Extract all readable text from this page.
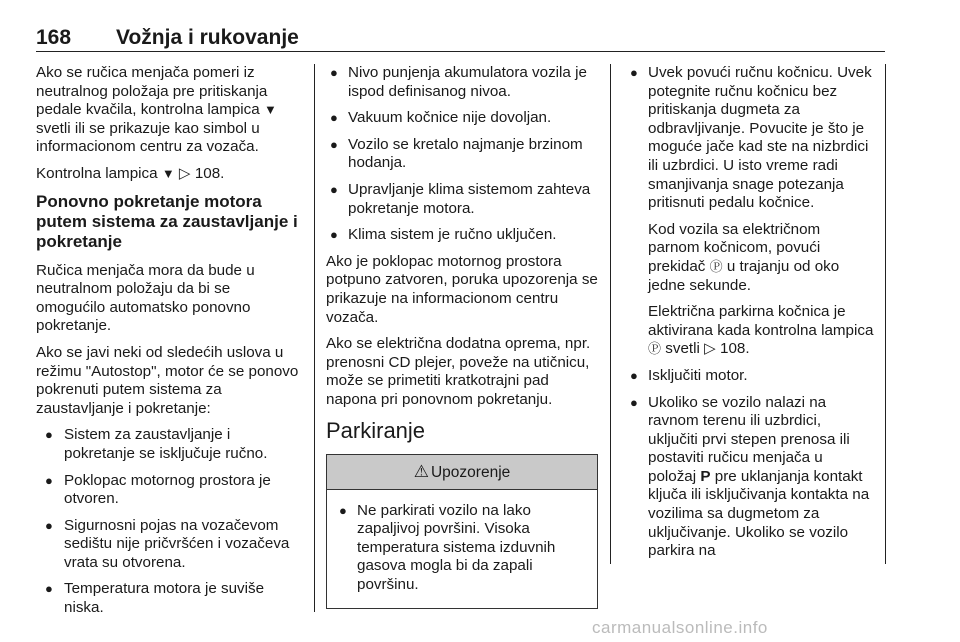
168 Vožnja i rukovanje

Ako se ručica menjača pomeri iz neutralnog položaja pre pritiskanja pedale kvačila, kontrolna lampica ▼︎ svetli ili se prikazuje kao simbol u informacionom centru za vozača.

Kontrolna lampica ▼︎ ▷ 108.

Ponovno pokretanje motora putem sistema za zaustavljanje i pokretanje

Ručica menjača mora da bude u neutralnom položaju da bi se omogućilo automatsko ponovno pokretanje.

Ako se javi neki od sledećih uslova u režimu "Autostop", motor će se ponovo pokrenuti putem sistema za zaustavljanje i pokretanje:

● Sistem za zaustavljanje i pokretanje se isključuje ručno.
● Poklopac motornog prostora je otvoren.
● Sigurnosni pojas na vozačevom sedištu nije pričvršćen i vozačeva vrata su otvorena.
● Temperatura motora je suviše niska.
● Nivo punjenja akumulatora vozila je ispod definisanog nivoa.
● Vakuum kočnice nije dovoljan.
● Vozilo se kretalo najmanje brzinom hodanja.
● Upravljanje klima sistemom zahteva pokretanje motora.
● Klima sistem je ručno uključen.

Ako je poklopac motornog prostora potpuno zatvoren, poruka upozorenja se prikazuje na informacionom centru vozača.

Ako se električna dodatna oprema, npr. prenosni CD plejer, poveže na utičnicu, može se primetiti kratkotrajni pad napona pri ponovnom pokretanju.

Parkiranje
⚠︎ Upozorenje
● Ne parkirati vozilo na lako zapaljivoj površini. Visoka temperatura sistema izduvnih gasova mogla bi da zapali površinu.
● Uvek povući ručnu kočnicu. Uvek potegnite ručnu kočnicu bez pritiskanja dugmeta za odbravljivanje. Povucite je što je moguće jače kad ste na nizbrdici ili uzbrdici. U isto vreme radi smanjivanja snage potezanja pritisnuti pedalu kočnice.

Kod vozila sa električnom parnom kočnicom, povući prekidač Ⓟ u trajanju od oko jedne sekunde.

Električna parkirna kočnica je aktivirana kada kontrolna lampica Ⓟ svetli ▷ 108.

● Isključiti motor.
● Ukoliko se vozilo nalazi na ravnom terenu ili uzbrdici, uključiti prvi stepen prenosa ili postaviti ručicu menjača u položaj P pre uklanjanja kontakt ključa ili isključivanja kontakta na vozilima sa dugmetom za uključivanje. Ukoliko se vozilo parkira na
carmanualsonline.info
